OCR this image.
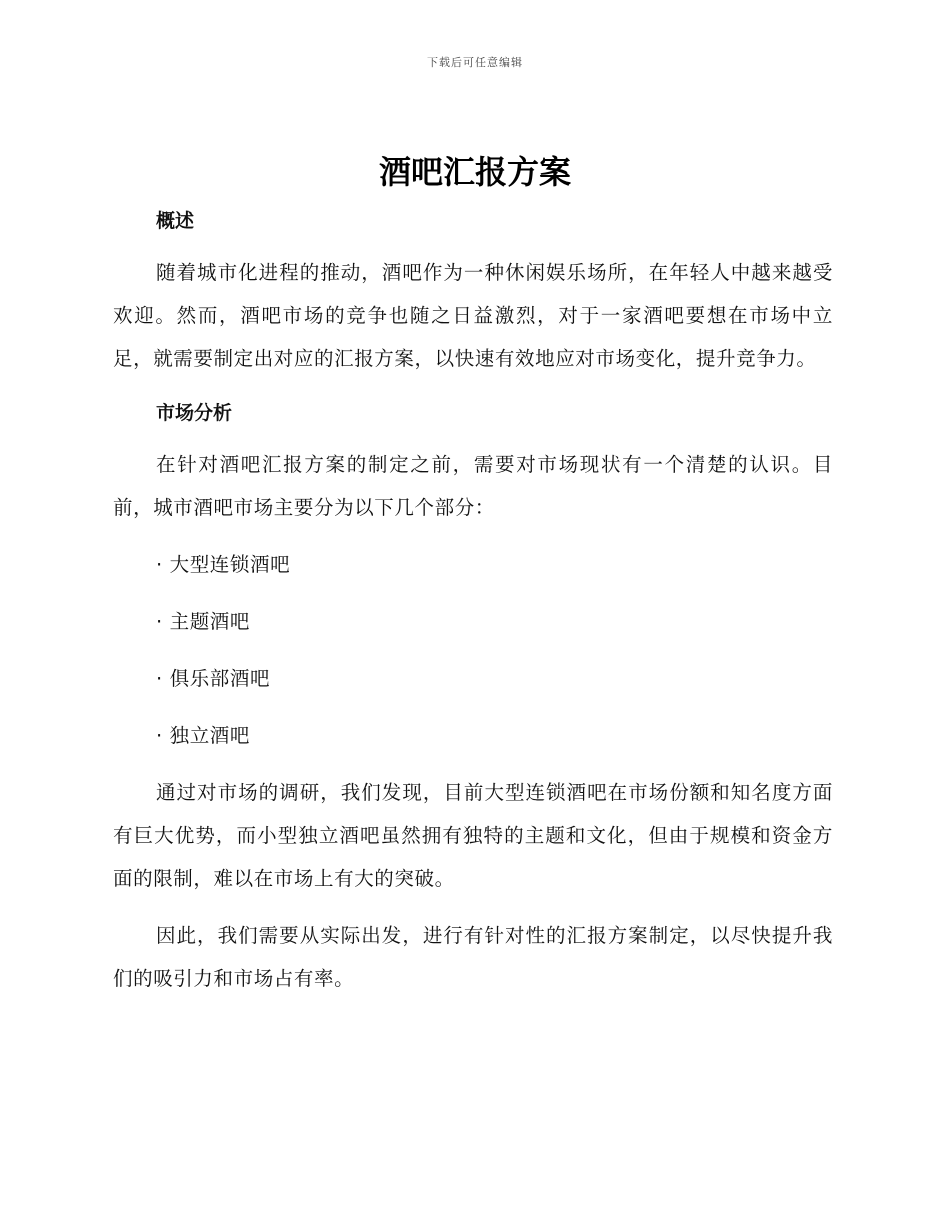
下载后可任意编辑
酒吧汇报方案
概述

随着城市化进程的推动，酒吧作为一种休闲娱乐场所，在年轻人中越来越受欢迎。然而，酒吧市场的竞争也随之日益激烈，对于一家酒吧要想在市场中立足，就需要制定出对应的汇报方案，以快速有效地应对市场变化，提升竞争力。

市场分析

在针对酒吧汇报方案的制定之前，需要对市场现状有一个清楚的认识。目前，城市酒吧市场主要分为以下几个部分：

· 大型连锁酒吧
· 主题酒吧
· 俱乐部酒吧
· 独立酒吧

通过对市场的调研，我们发现，目前大型连锁酒吧在市场份额和知名度方面有巨大优势，而小型独立酒吧虽然拥有独特的主题和文化，但由于规模和资金方面的限制，难以在市场上有大的突破。

因此，我们需要从实际出发，进行有针对性的汇报方案制定，以尽快提升我们的吸引力和市场占有率。
